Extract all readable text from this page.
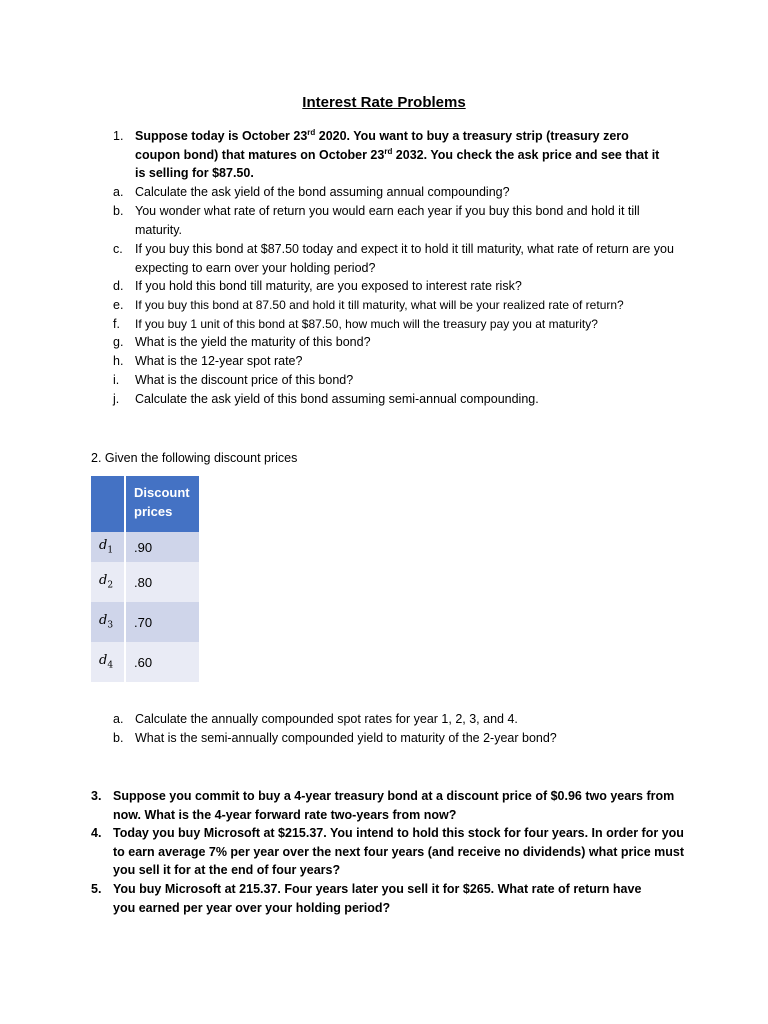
Interest Rate Problems
1. Suppose today is October 23rd 2020. You want to buy a treasury strip (treasury zero coupon bond) that matures on October 23rd 2032. You check the ask price and see that it is selling for $87.50.
a. Calculate the ask yield of the bond assuming annual compounding?
b. You wonder what rate of return you would earn each year if you buy this bond and hold it till maturity.
c. If you buy this bond at $87.50 today and expect it to hold it till maturity, what rate of return are you expecting to earn over your holding period?
d. If you hold this bond till maturity, are you exposed to interest rate risk?
e. If you buy this bond at 87.50 and hold it till maturity, what will be your realized rate of return?
f. If you buy 1 unit of this bond at $87.50, how much will the treasury pay you at maturity?
g. What is the yield the maturity of this bond?
h. What is the 12-year spot rate?
i. What is the discount price of this bond?
j. Calculate the ask yield of this bond assuming semi-annual compounding.
2. Given the following discount prices
	Discount prices
$d_1$	.90
$d_2$	.80
$d_3$	.70
$d_4$	.60
a. Calculate the annually compounded spot rates for year 1, 2, 3, and 4.
b. What is the semi-annually compounded yield to maturity of the 2-year bond?
3. Suppose you commit to buy a 4-year treasury bond at a discount price of $0.96 two years from now. What is the 4-year forward rate two-years from now?
4. Today you buy Microsoft at $215.37. You intend to hold this stock for four years. In order for you to earn average 7% per year over the next four years (and receive no dividends) what price must you sell it for at the end of four years?
5. You buy Microsoft at 215.37. Four years later you sell it for $265. What rate of return have you earned per year over your holding period?
